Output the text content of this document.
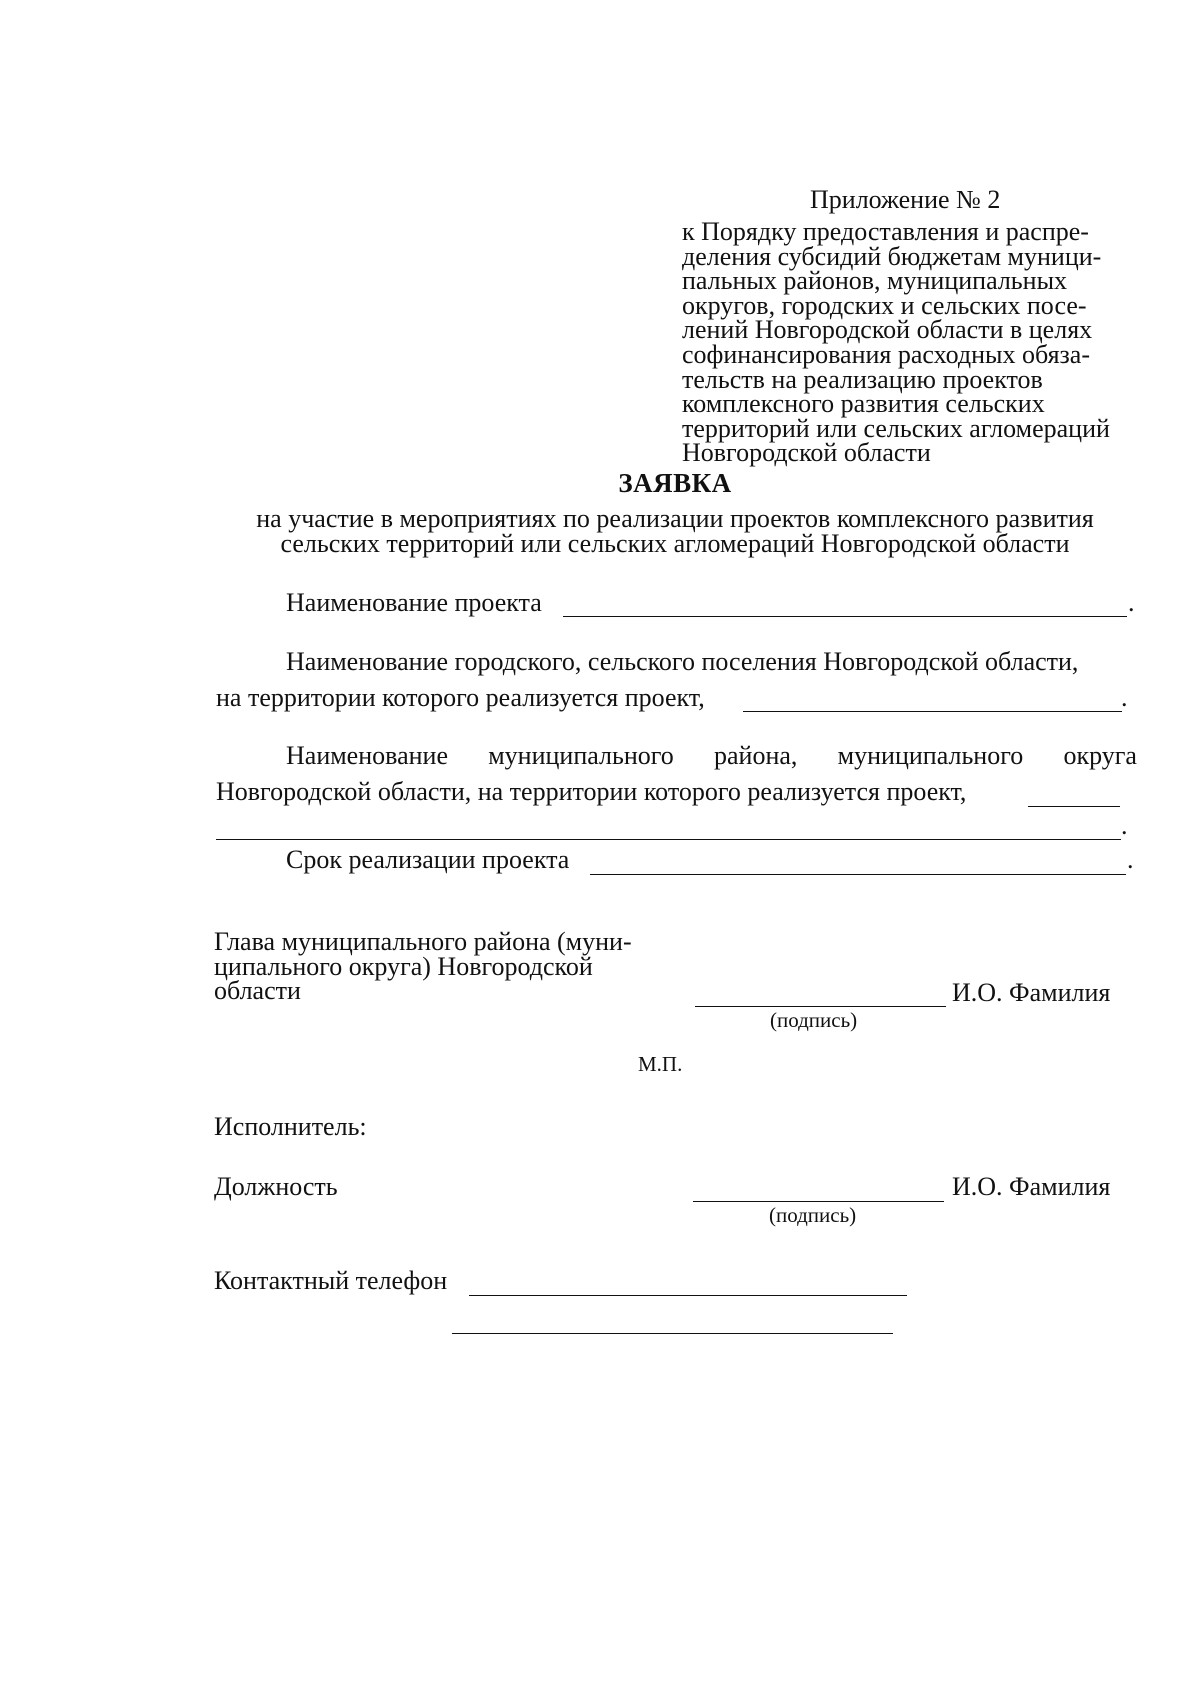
Приложение № 2
к Порядку предоставления и распре-
деления субсидий бюджетам муници-
пальных районов, муниципальных
округов, городских и сельских посе-
лений Новгородской области в целях
софинансирования расходных обяза-
тельств на реализацию проектов
комплексного развития сельских
территорий или сельских агломераций
Новгородской области
ЗАЯВКА
на участие в мероприятиях по реализации проектов комплексного развития
сельских территорий или сельских агломераций Новгородской области
Наименование проекта	.
Наименование городского, сельского поселения Новгородской области,
на территории которого реализуется проект,	.
Наименование муниципального района, муниципального округа
Новгородской области, на территории которого реализуется проект,
.
Срок реализации проекта	.
Глава муниципального района (муни-
ципального округа) Новгородской
области	И.О. Фамилия
(подпись)
М.П.
Исполнитель:
Должность	И.О. Фамилия
(подпись)
Контактный телефон
